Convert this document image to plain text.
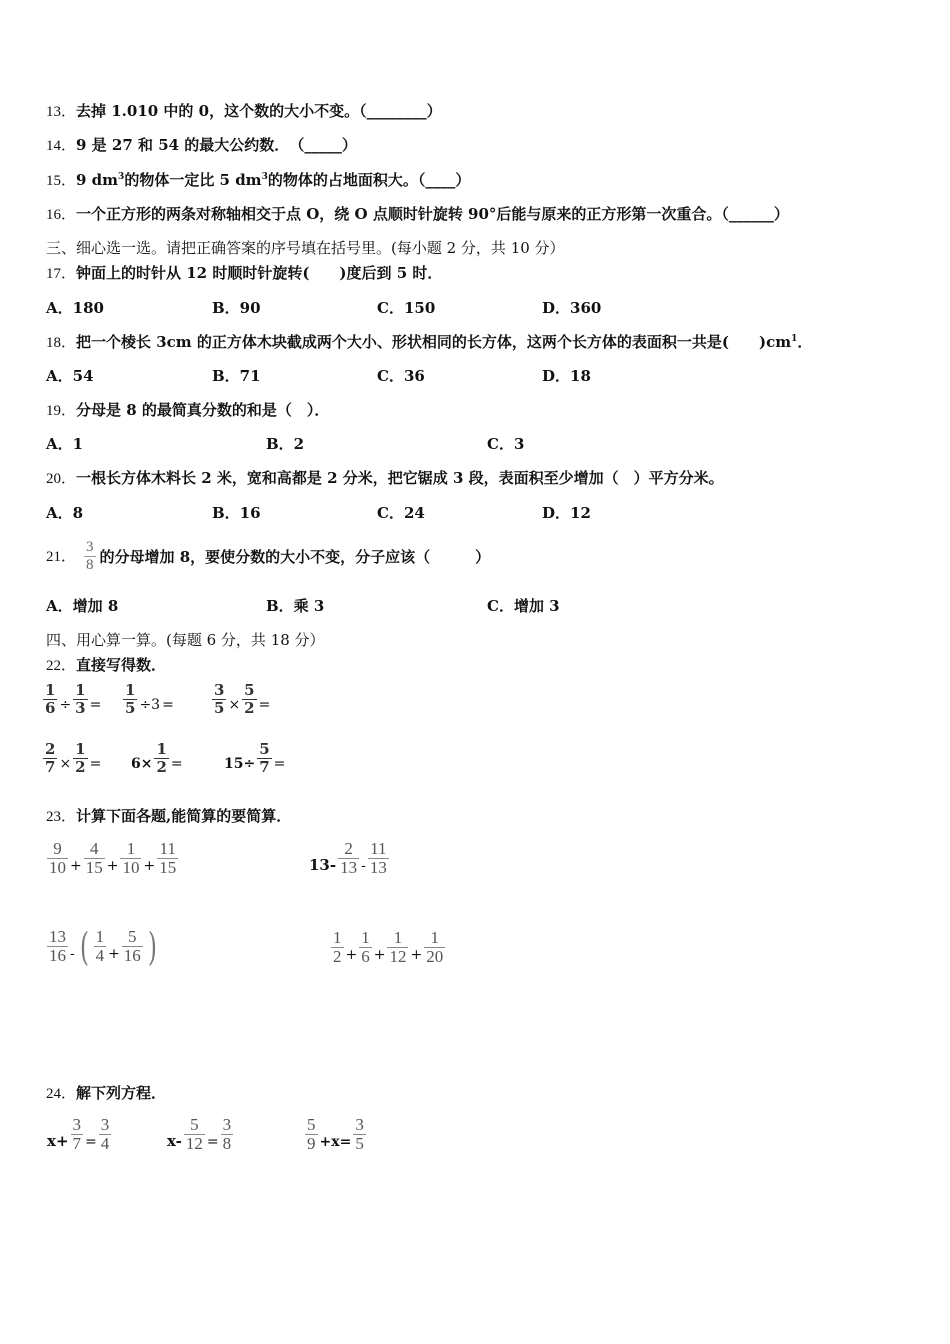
13．去掉 1.010 中的 0，这个数的大小不变。（________）
14．9 是 27 和 54 的最大公约数．　（_____）
15．9 $dm^3$的物体一定比 5 $dm^3$的物体的占地面积大。（____）
16．一个正方形的两条对称轴相交于点 O，绕 O 点顺时针旋转 90°后能与原来的正方形第一次重合。（______）
三、细心选一选。请把正确答案的序号填在括号里。(每小题 2 分，共 10 分）
17．钟面上的时针从 12 时顺时针旋转(　　)度后到 5 时．
A．180	B．90	C．150	D．360
18．把一个棱长 3cm 的正方体木块截成两个大小、形状相同的长方体，这两个长方体的表面积一共是(　　)$cm^1$．
A．54	B．71	C．36	D．18
19．分母是 8 的最简真分数的和是（　）．
A．1	B．2	C．3
20．一根长方体木料长 2 米，宽和高都是 2 分米，把它锯成 3 段，表面积至少增加（　）平方分米。
A．8	B．16	C．24	D．12
21． $\frac{3}{8}$ 的分母增加 8，要使分数的大小不变，分子应该（　　　）
A．增加 8	B．乘 3	C．增加 3
四、用心算一算。(每题 6 分，共 18 分）
22．直接写得数．
$\frac{1}{6} \div \frac{1}{3} = \frac{1}{5} \div 3$ =	$\frac{3}{5} \times \frac{5}{2}$ =
$\frac{2}{7} \times \frac{1}{2} = 6\times \frac{1}{2}$ =	$15\div \frac{5}{7}$ =
23．计算下面各题,能简算的要简算．
$\frac{9}{10} + \frac{4}{15} + \frac{1}{10} + \frac{11}{15}$	$13- \frac{2}{13} - \frac{11}{13}$
$\frac{13}{16}$ - ( $\frac{1}{4} + \frac{5}{16}$ )	$\frac{1}{2} + \frac{1}{6} + \frac{1}{12} + \frac{1}{20}$
24．解下列方程．
$x+ \frac{3}{7} = \frac{3}{4}$	$x- \frac{5}{12} = \frac{3}{8}$	$\frac{5}{9} +x= \frac{3}{5}$
